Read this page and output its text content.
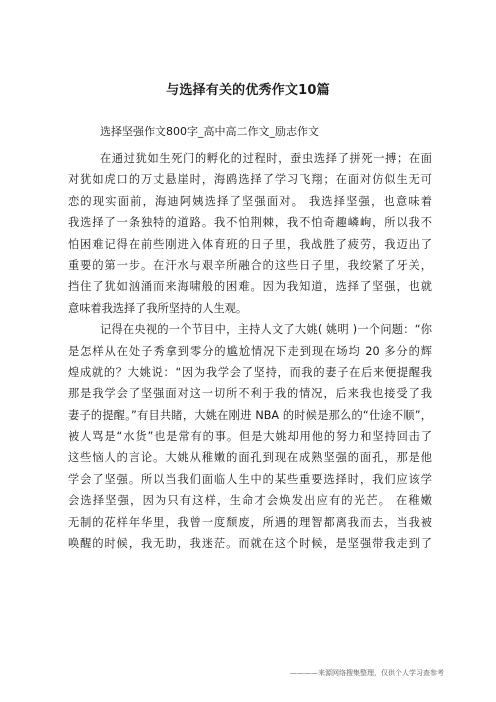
与选择有关的优秀作文10篇
选择坚强作文800字_高中高二作文_励志作文
在通过犹如生死门的孵化的过程时，蚕虫选择了拼死一搏；在面
对犹如虎口的万丈悬崖时，海鸥选择了学习飞翔；在面对仿似生无可
恋的现实面前，海迪阿姨选择了坚强面对。 我选择坚强，也意味着
我选择了一条独特的道路。我不怕荆棘，我不怕奇趣嶙峋，所以我不
怕困难记得在前些刚进入体育班的日子里，我战胜了疲劳，我迈出了
重要的第一步。在汗水与艰辛所融合的这些日子里，我绞紧了牙关，
挡住了犹如汹涌而来海啸般的困难。因为我知道，选择了坚强，也就
意味着我选择了我所坚持的人生观。
记得在央视的一个节目中，主持人文了大姚( 姚明 )一个问题：“你
是怎样从在处子秀拿到零分的尴尬情况下走到现在场均 20 多分的辉
煌成就的？大姚说：“因为我学会了坚持，而我的妻子在后来便提醒我
那是我学会了坚强面对这一切所不利于我的情况，后来我也接受了我
妻子的提醒。”有目共睹，大姚在刚进 NBA 的时候是那么的“仕途不顺”，
被人骂是“水货”也是常有的事。但是大姚却用他的努力和坚持回击了
这些恼人的言论。大姚从稚嫩的面孔到现在成熟坚强的面孔，那是他
学会了坚强。所以当我们面临人生中的某些重要选择时，我们应该学
会选择坚强，因为只有这样，生命才会焕发出应有的光芒。 在稚嫩
无制的花样年华里，我曾一度颓废，所遇的理智都离我而去，当我被
唤醒的时候，我无助，我迷茫。而就在这个时候，是坚强带我走到了
————来源网络搜集整理，仅供个人学习查参考
